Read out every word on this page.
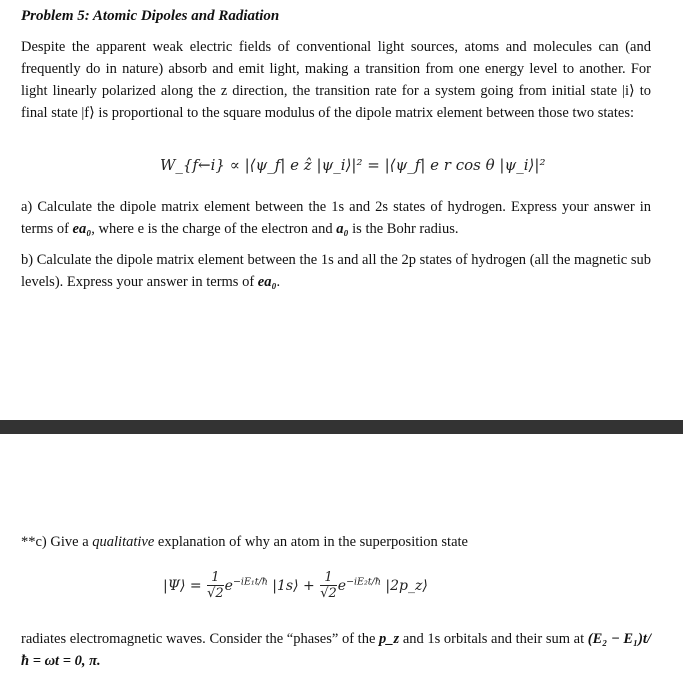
Problem 5: Atomic Dipoles and Radiation
Despite the apparent weak electric fields of conventional light sources, atoms and molecules can (and frequently do in nature) absorb and emit light, making a transition from one energy level to another. For light linearly polarized along the z direction, the transition rate for a system going from initial state |i⟩ to final state |f⟩ is proportional to the square modulus of the dipole matrix element between those two states:
W_{f←i} ∝ |⟨ψ_f| e ẑ |ψ_i⟩|² = |⟨ψ_f| e r cos θ |ψ_i⟩|²
a) Calculate the dipole matrix element between the 1s and 2s states of hydrogen. Express your answer in terms of ea₀, where e is the charge of the electron and a₀ is the Bohr radius.
b) Calculate the dipole matrix element between the 1s and all the 2p states of hydrogen (all the magnetic sub levels). Express your answer in terms of ea₀.
**c) Give a qualitative explanation of why an atom in the superposition state
|Ψ⟩ = $\frac{1}{√2} e^{-iE_1t/ħ}$ |1s⟩ + $\frac{1}{√2} e^{-iE_2t/ħ}$ |2p_z⟩
radiates electromagnetic waves. Consider the “phases” of the p_z and 1s orbitals and their sum at (E₂ − E₁)t/ħ = ωt = 0, π.
